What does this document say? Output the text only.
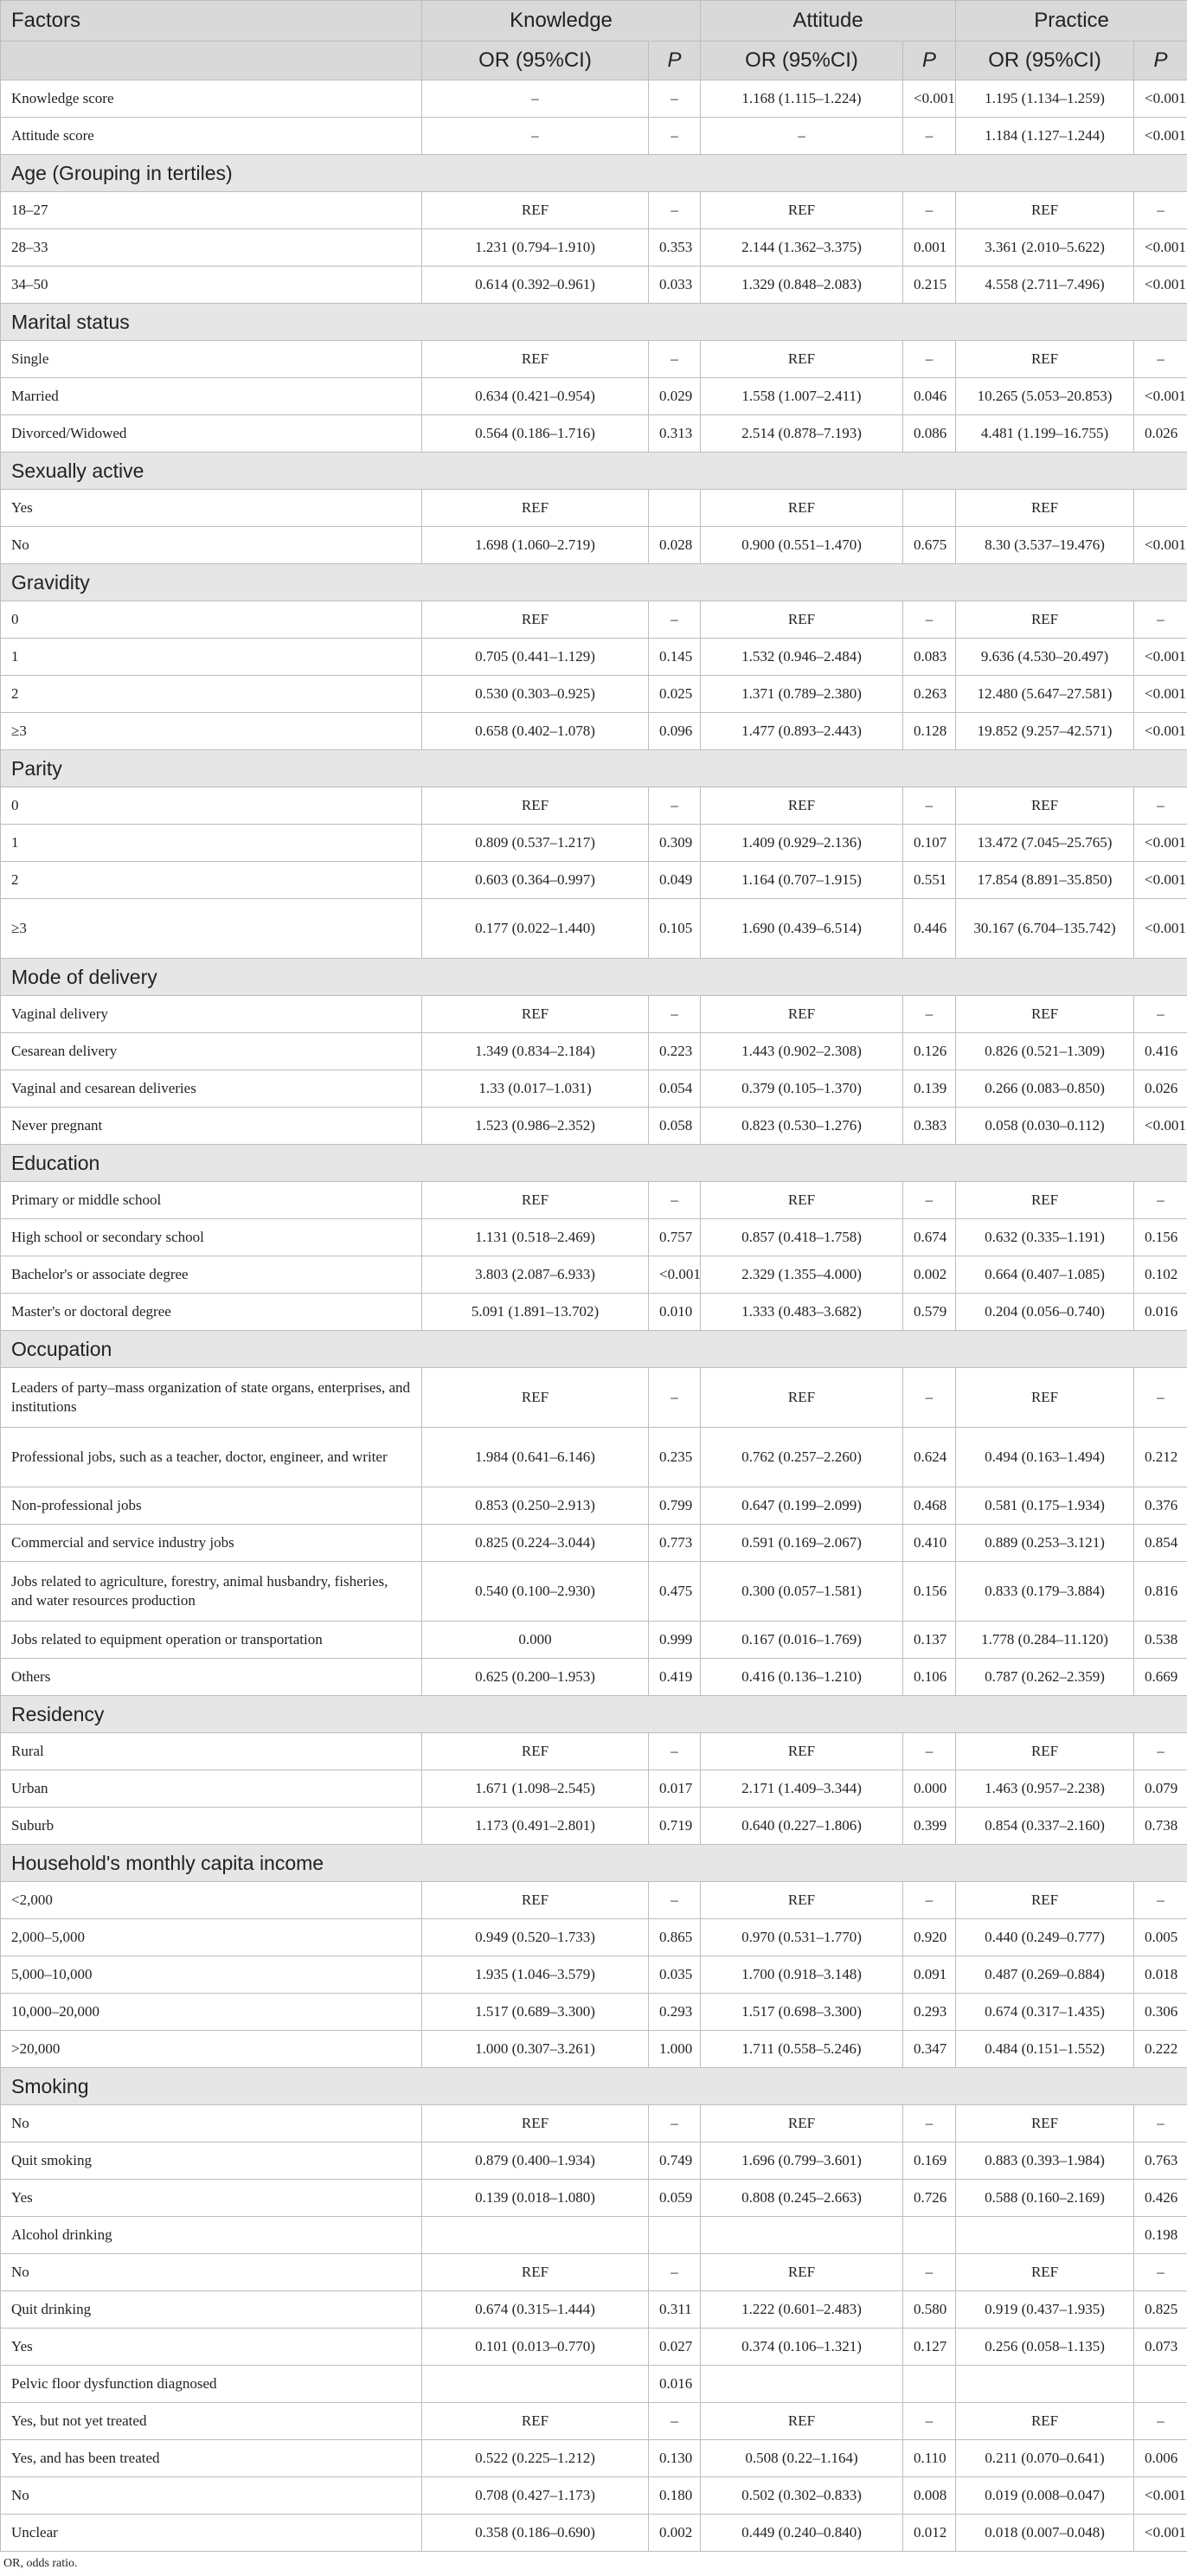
Factors	Knowledge		Attitude		Practice	
	OR (95%CI)	P	OR (95%CI)	P	OR (95%CI)	P
Knowledge score	–	–	1.168 (1.115–1.224)	<0.001	1.195 (1.134–1.259)	<0.001
Attitude score	–	–	–	–	1.184 (1.127–1.244)	<0.001
Age (Grouping in tertiles)						
18–27	REF	–	REF	–	REF	–
28–33	1.231 (0.794–1.910)	0.353	2.144 (1.362–3.375)	0.001	3.361 (2.010–5.622)	<0.001
34–50	0.614 (0.392–0.961)	0.033	1.329 (0.848–2.083)	0.215	4.558 (2.711–7.496)	<0.001
Marital status						
Single	REF	–	REF	–	REF	–
Married	0.634 (0.421–0.954)	0.029	1.558 (1.007–2.411)	0.046	10.265 (5.053–20.853)	<0.001
Divorced/Widowed	0.564 (0.186–1.716)	0.313	2.514 (0.878–7.193)	0.086	4.481 (1.199–16.755)	0.026
Sexually active						
Yes	REF		REF		REF	
No	1.698 (1.060–2.719)	0.028	0.900 (0.551–1.470)	0.675	8.30 (3.537–19.476)	<0.001
Gravidity						
0	REF	–	REF	–	REF	–
1	0.705 (0.441–1.129)	0.145	1.532 (0.946–2.484)	0.083	9.636 (4.530–20.497)	<0.001
2	0.530 (0.303–0.925)	0.025	1.371 (0.789–2.380)	0.263	12.480 (5.647–27.581)	<0.001
≥3	0.658 (0.402–1.078)	0.096	1.477 (0.893–2.443)	0.128	19.852 (9.257–42.571)	<0.001
Parity						
0	REF	–	REF	–	REF	–
1	0.809 (0.537–1.217)	0.309	1.409 (0.929–2.136)	0.107	13.472 (7.045–25.765)	<0.001
2	0.603 (0.364–0.997)	0.049	1.164 (0.707–1.915)	0.551	17.854 (8.891–35.850)	<0.001
≥3	0.177 (0.022–1.440)	0.105	1.690 (0.439–6.514)	0.446	30.167 (6.704–135.742)	<0.001
Mode of delivery						
Vaginal delivery	REF	–	REF	–	REF	–
Cesarean delivery	1.349 (0.834–2.184)	0.223	1.443 (0.902–2.308)	0.126	0.826 (0.521–1.309)	0.416
Vaginal and cesarean deliveries	1.33 (0.017–1.031)	0.054	0.379 (0.105–1.370)	0.139	0.266 (0.083–0.850)	0.026
Never pregnant	1.523 (0.986–2.352)	0.058	0.823 (0.530–1.276)	0.383	0.058 (0.030–0.112)	<0.001
Education						
Primary or middle school	REF	–	REF	–	REF	–
High school or secondary school	1.131 (0.518–2.469)	0.757	0.857 (0.418–1.758)	0.674	0.632 (0.335–1.191)	0.156
Bachelor's or associate degree	3.803 (2.087–6.933)	<0.001	2.329 (1.355–4.000)	0.002	0.664 (0.407–1.085)	0.102
Master's or doctoral degree	5.091 (1.891–13.702)	0.010	1.333 (0.483–3.682)	0.579	0.204 (0.056–0.740)	0.016
Occupation						
Leaders of party–mass organization of state organs, enterprises, and institutions	REF	–	REF	–	REF	–
Professional jobs, such as a teacher, doctor, engineer, and writer	1.984 (0.641–6.146)	0.235	0.762 (0.257–2.260)	0.624	0.494 (0.163–1.494)	0.212
Non-professional jobs	0.853 (0.250–2.913)	0.799	0.647 (0.199–2.099)	0.468	0.581 (0.175–1.934)	0.376
Commercial and service industry jobs	0.825 (0.224–3.044)	0.773	0.591 (0.169–2.067)	0.410	0.889 (0.253–3.121)	0.854
Jobs related to agriculture, forestry, animal husbandry, fisheries, and water resources production	0.540 (0.100–2.930)	0.475	0.300 (0.057–1.581)	0.156	0.833 (0.179–3.884)	0.816
Jobs related to equipment operation or transportation	0.000	0.999	0.167 (0.016–1.769)	0.137	1.778 (0.284–11.120)	0.538
Others	0.625 (0.200–1.953)	0.419	0.416 (0.136–1.210)	0.106	0.787 (0.262–2.359)	0.669
Residency						
Rural	REF	–	REF	–	REF	–
Urban	1.671 (1.098–2.545)	0.017	2.171 (1.409–3.344)	0.000	1.463 (0.957–2.238)	0.079
Suburb	1.173 (0.491–2.801)	0.719	0.640 (0.227–1.806)	0.399	0.854 (0.337–2.160)	0.738
Household's monthly capita income						
<2,000	REF	–	REF	–	REF	–
2,000–5,000	0.949 (0.520–1.733)	0.865	0.970 (0.531–1.770)	0.920	0.440 (0.249–0.777)	0.005
5,000–10,000	1.935 (1.046–3.579)	0.035	1.700 (0.918–3.148)	0.091	0.487 (0.269–0.884)	0.018
10,000–20,000	1.517 (0.689–3.300)	0.293	1.517 (0.698–3.300)	0.293	0.674 (0.317–1.435)	0.306
>20,000	1.000 (0.307–3.261)	1.000	1.711 (0.558–5.246)	0.347	0.484 (0.151–1.552)	0.222
Smoking						
No	REF	–	REF	–	REF	–
Quit smoking	0.879 (0.400–1.934)	0.749	1.696 (0.799–3.601)	0.169	0.883 (0.393–1.984)	0.763
Yes	0.139 (0.018–1.080)	0.059	0.808 (0.245–2.663)	0.726	0.588 (0.160–2.169)	0.426
Alcohol drinking						0.198
No	REF	–	REF	–	REF	–
Quit drinking	0.674 (0.315–1.444)	0.311	1.222 (0.601–2.483)	0.580	0.919 (0.437–1.935)	0.825
Yes	0.101 (0.013–0.770)	0.027	0.374 (0.106–1.321)	0.127	0.256 (0.058–1.135)	0.073
Pelvic floor dysfunction diagnosed		0.016				
Yes, but not yet treated	REF	–	REF	–	REF	–
Yes, and has been treated	0.522 (0.225–1.212)	0.130	0.508 (0.22–1.164)	0.110	0.211 (0.070–0.641)	0.006
No	0.708 (0.427–1.173)	0.180	0.502 (0.302–0.833)	0.008	0.019 (0.008–0.047)	<0.001
Unclear	0.358 (0.186–0.690)	0.002	0.449 (0.240–0.840)	0.012	0.018 (0.007–0.048)	<0.001
OR, odds ratio.
